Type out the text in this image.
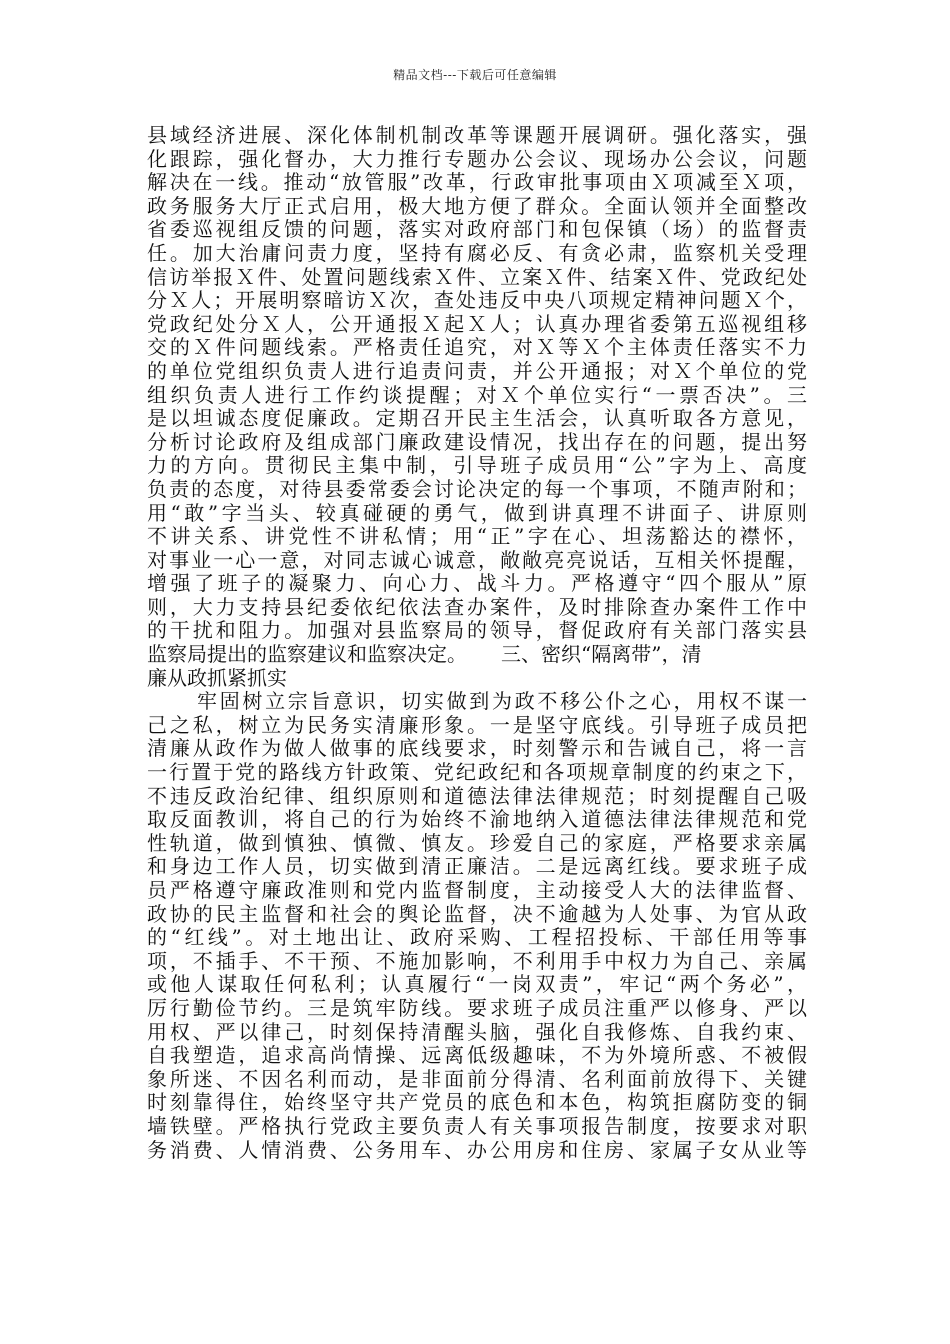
精品文档---下载后可任意编辑
县域经济进展、深化体制机制改革等课题开展调研。强化落实，强
化跟踪，强化督办，大力推行专题办公会议、现场办公会议，问题
解决在一线。推动“放管服”改革，行政审批事项由Ｘ项减至Ｘ项，
政务服务大厅正式启用，极大地方便了群众。全面认领并全面整改
省委巡视组反馈的问题，落实对政府部门和包保镇（场）的监督责
任。加大治庸问责力度，坚持有腐必反、有贪必肃，监察机关受理
信访举报Ｘ件、处置问题线索Ｘ件、立案Ｘ件、结案Ｘ件、党政纪处
分Ｘ人；开展明察暗访Ｘ次，查处违反中央八项规定精神问题Ｘ个，
党政纪处分Ｘ人，公开通报Ｘ起Ｘ人；认真办理省委第五巡视组移
交的Ｘ件问题线索。严格责任追究，对Ｘ等Ｘ个主体责任落实不力
的单位党组织负责人进行追责问责，并公开通报；对Ｘ个单位的党
组织负责人进行工作约谈提醒；对Ｘ个单位实行“一票否决”。三
是以坦诚态度促廉政。定期召开民主生活会，认真听取各方意见，
分析讨论政府及组成部门廉政建设情况，找出存在的问题，提出努
力的方向。贯彻民主集中制，引导班子成员用“公”字为上、高度
负责的态度，对待县委常委会讨论决定的每一个事项，不随声附和；
用“敢”字当头、较真碰硬的勇气，做到讲真理不讲面子、讲原则
不讲关系、讲党性不讲私情；用“正”字在心、坦荡豁达的襟怀，
对事业一心一意，对同志诚心诚意，敞敞亮亮说话，互相关怀提醒，
增强了班子的凝聚力、向心力、战斗力。严格遵守“四个服从”原
则，大力支持县纪委依纪依法查办案件，及时排除查办案件工作中
的干扰和阻力。加强对县监察局的领导，督促政府有关部门落实县
监察局提出的监察建议和监察决定。 三、密织“隔离带”，清
廉从政抓紧抓实
牢固树立宗旨意识，切实做到为政不移公仆之心，用权不谋一
己之私，树立为民务实清廉形象。一是坚守底线。引导班子成员把
清廉从政作为做人做事的底线要求，时刻警示和告诫自己，将一言
一行置于党的路线方针政策、党纪政纪和各项规章制度的约束之下，
不违反政治纪律、组织原则和道德法律法律规范；时刻提醒自己吸
取反面教训，将自己的行为始终不渝地纳入道德法律法律规范和党
性轨道，做到慎独、慎微、慎友。珍爱自己的家庭，严格要求亲属
和身边工作人员，切实做到清正廉洁。二是远离红线。要求班子成
员严格遵守廉政准则和党内监督制度，主动接受人大的法律监督、
政协的民主监督和社会的舆论监督，决不逾越为人处事、为官从政
的“红线”。对土地出让、政府采购、工程招投标、干部任用等事
项，不插手、不干预、不施加影响，不利用手中权力为自己、亲属
或他人谋取任何私利；认真履行“一岗双责”，牢记“两个务必”，
厉行勤俭节约。三是筑牢防线。要求班子成员注重严以修身、严以
用权、严以律己，时刻保持清醒头脑，强化自我修炼、自我约束、
自我塑造，追求高尚情操、远离低级趣味，不为外境所惑、不被假
象所迷、不因名利而动，是非面前分得清、名利面前放得下、关键
时刻靠得住，始终坚守共产党员的底色和本色，构筑拒腐防变的铜
墙铁壁。严格执行党政主要负责人有关事项报告制度，按要求对职
务消费、人情消费、公务用车、办公用房和住房、家属子女从业等
